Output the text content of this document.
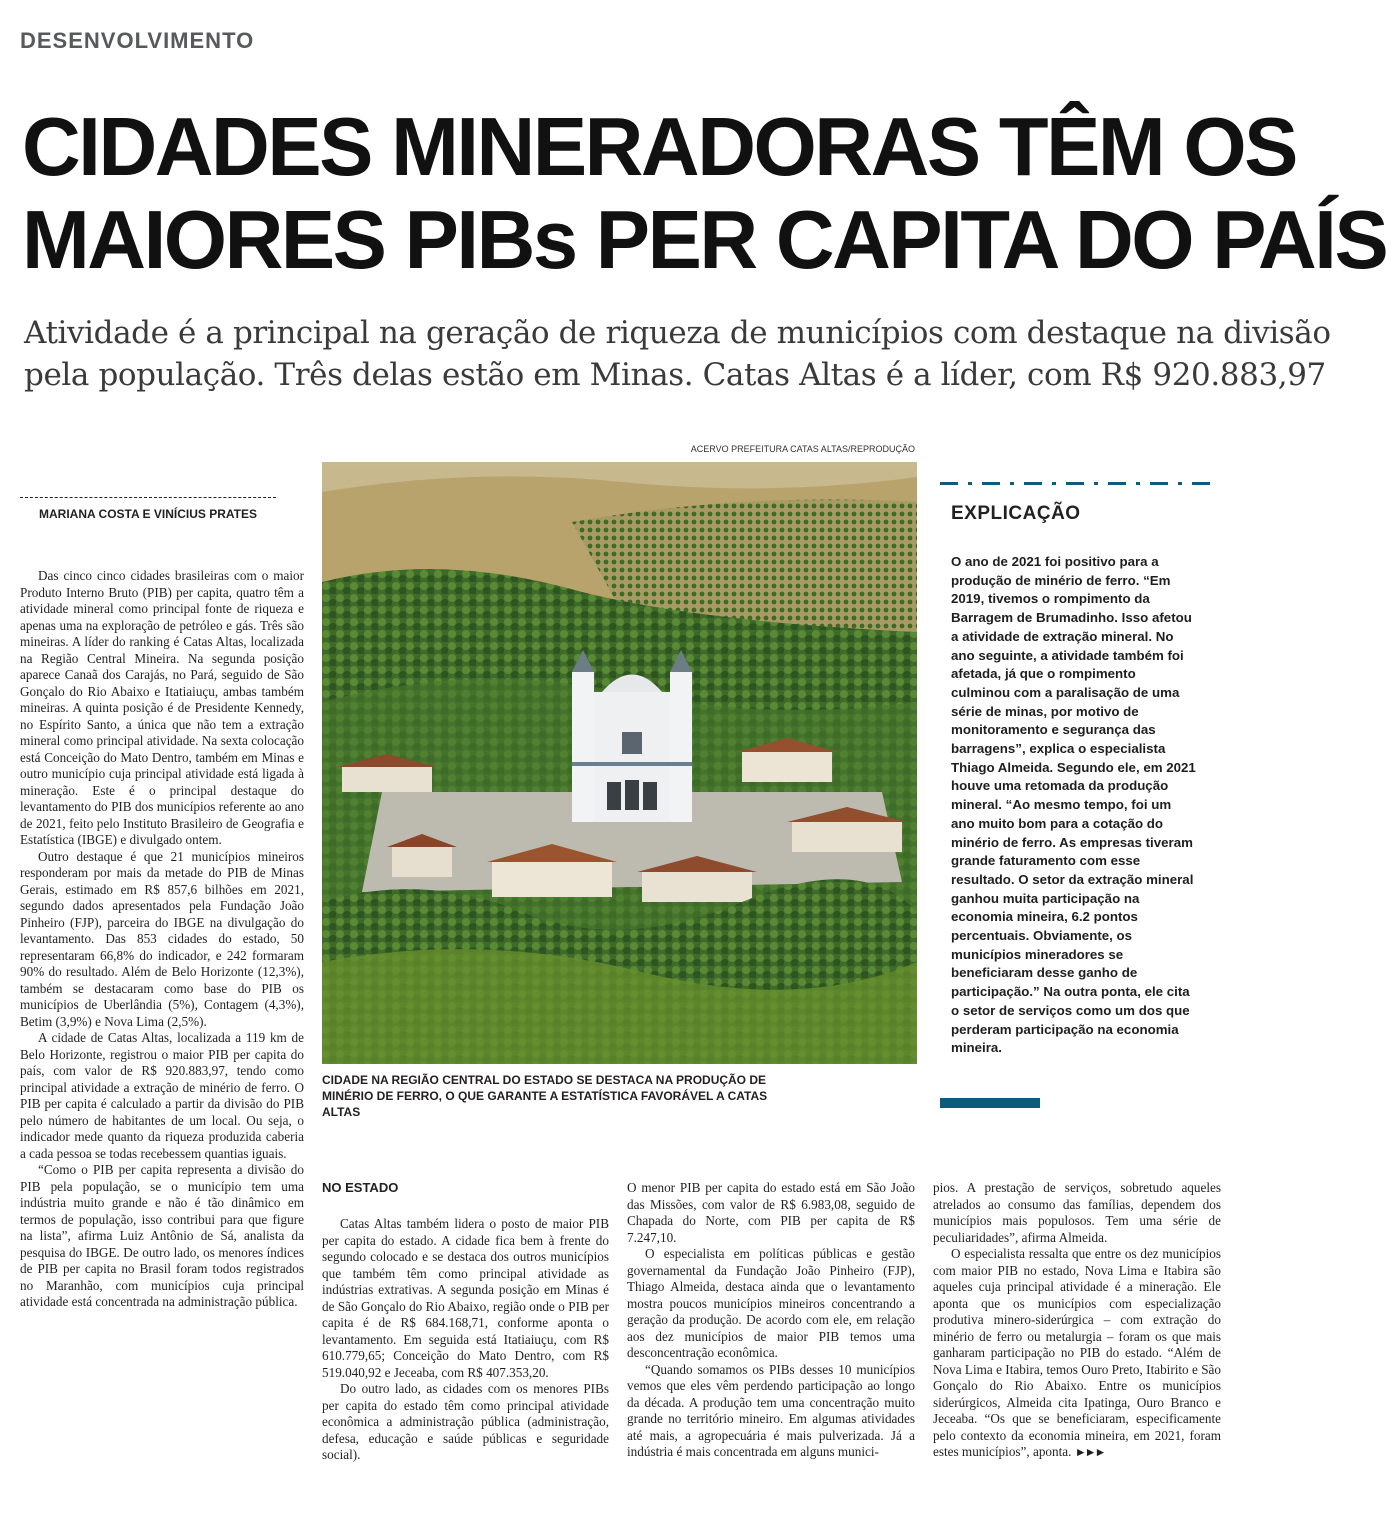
DESENVOLVIMENTO
CIDADES MINERADORAS TÊM OS
MAIORES PIBs PER CAPITA DO PAÍS
Atividade é a principal na geração de riqueza de municípios com destaque na divisão
pela população. Três delas estão em Minas. Catas Altas é a líder, com R$ 920.883,97
ACERVO PREFEITURA CATAS ALTAS/REPRODUÇÃO
MARIANA COSTA E VINÍCIUS PRATES

Das cinco cinco cidades brasileiras com o maior Produto Interno Bruto (PIB) per capita, quatro têm a atividade mineral como principal fonte de riqueza e apenas uma na exploração de petróleo e gás. Três são mineiras. A líder do ranking é Catas Altas, localizada na Região Central Mineira. Na segunda posição aparece Canaã dos Carajás, no Pará, seguido de São Gonçalo do Rio Abaixo e Itatiaiuçu, ambas também mineiras. A quinta posição é de Presidente Kennedy, no Espírito Santo, a única que não tem a extração mineral como principal atividade. Na sexta colocação está Conceição do Mato Dentro, também em Minas e outro município cuja principal atividade está ligada à mineração. Este é o principal destaque do levantamento do PIB dos municípios referente ao ano de 2021, feito pelo Instituto Brasileiro de Geografia e Estatística (IBGE) e divulgado ontem.

Outro destaque é que 21 municípios mineiros responderam por mais da metade do PIB de Minas Gerais, estimado em R$ 857,6 bilhões em 2021, segundo dados apresentados pela Fundação João Pinheiro (FJP), parceira do IBGE na divulgação do levantamento. Das 853 cidades do estado, 50 representaram 66,8% do indicador, e 242 formaram 90% do resultado. Além de Belo Horizonte (12,3%), também se destacaram como base do PIB os municípios de Uberlândia (5%), Contagem (4,3%), Betim (3,9%) e Nova Lima (2,5%).

A cidade de Catas Altas, localizada a 119 km de Belo Horizonte, registrou o maior PIB per capita do país, com valor de R$ 920.883,97, tendo como principal atividade a extração de minério de ferro. O PIB per capita é calculado a partir da divisão do PIB pelo número de habitantes de um local. Ou seja, o indicador mede quanto da riqueza produzida caberia a cada pessoa se todas recebessem quantias iguais.

“Como o PIB per capita representa a divisão do PIB pela população, se o município tem uma indústria muito grande e não é tão dinâmico em termos de população, isso contribui para que figure na lista”, afirma Luiz Antônio de Sá, analista da pesquisa do IBGE. De outro lado, os menores índices de PIB per capita no Brasil foram todos registrados no Maranhão, com municípios cuja principal atividade está concentrada na administração pública.

CIDADE NA REGIÃO CENTRAL DO ESTADO SE DESTACA NA PRODUÇÃO DE MINÉRIO DE FERRO, O QUE GARANTE A ESTATÍSTICA FAVORÁVEL A CATAS ALTAS
EXPLICAÇÃO
O ano de 2021 foi positivo para a produção de minério de ferro. “Em 2019, tivemos o rompimento da Barragem de Brumadinho. Isso afetou a atividade de extração mineral. No ano seguinte, a atividade também foi afetada, já que o rompimento culminou com a paralisação de uma série de minas, por motivo de monitoramento e segurança das barragens”, explica o especialista Thiago Almeida. Segundo ele, em 2021 houve uma retomada da produção mineral. “Ao mesmo tempo, foi um ano muito bom para a cotação do minério de ferro. As empresas tiveram grande faturamento com esse resultado. O setor da extração mineral ganhou muita participação na economia mineira, 6.2 pontos percentuais. Obviamente, os municípios mineradores se beneficiaram desse ganho de participação.” Na outra ponta, ele cita o setor de serviços como um dos que perderam participação na economia mineira.
NO ESTADO

Catas Altas também lidera o posto de maior PIB per capita do estado. A cidade fica bem à frente do segundo colocado e se destaca dos outros municípios que também têm como principal atividade as indústrias extrativas. A segunda posição em Minas é de São Gonçalo do Rio Abaixo, região onde o PIB per capita é de R$ 684.168,71, conforme aponta o levantamento. Em seguida está Itatiaiuçu, com R$ 610.779,65; Conceição do Mato Dentro, com R$ 519.040,92 e Jeceaba, com R$ 407.353,20.

Do outro lado, as cidades com os menores PIBs per capita do estado têm como principal atividade econômica a administração pública (administração, defesa, educação e saúde públicas e seguridade social).

O menor PIB per capita do estado está em São João das Missões, com valor de R$ 6.983,08, seguido de Chapada do Norte, com PIB per capita de R$ 7.247,10.

O especialista em políticas públicas e gestão governamental da Fundação João Pinheiro (FJP), Thiago Almeida, destaca ainda que o levantamento mostra poucos municípios mineiros concentrando a geração da produção. De acordo com ele, em relação aos dez municípios de maior PIB temos uma desconcentração econômica.

“Quando somamos os PIBs desses 10 municípios vemos que eles vêm perdendo participação ao longo da década. A produção tem uma concentração muito grande no território mineiro. Em algumas atividades até mais, a agropecuária é mais pulverizada. Já a indústria é mais concentrada em alguns munici-

pios. A prestação de serviços, sobretudo aqueles atrelados ao consumo das famílias, dependem dos municípios mais populosos. Tem uma série de peculiaridades”, afirma Almeida.

O especialista ressalta que entre os dez municípios com maior PIB no estado, Nova Lima e Itabira são aqueles cuja principal atividade é a mineração. Ele aponta que os municípios com especialização produtiva minero-siderúrgica – com extração do minério de ferro ou metalurgia – foram os que mais ganharam participação no PIB do estado. “Além de Nova Lima e Itabira, temos Ouro Preto, Itabirito e São Gonçalo do Rio Abaixo. Entre os municípios siderúrgicos, Almeida cita Ipatinga, Ouro Branco e Jeceaba. “Os que se beneficiaram, especificamente pelo contexto da economia mineira, em 2021, foram estes municípios”, aponta. ►►►
